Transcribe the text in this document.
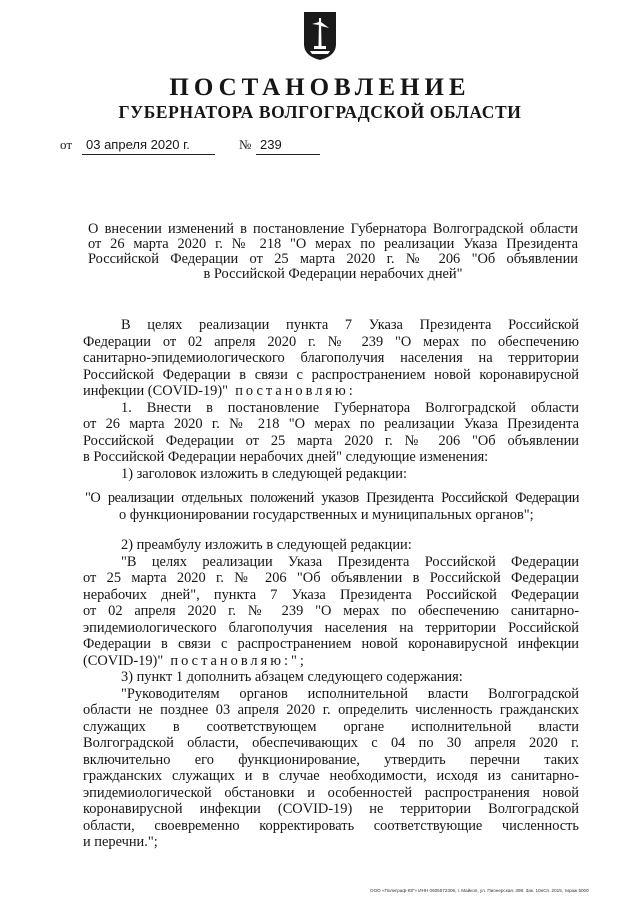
ПОСТАНОВЛЕНИЕ
ГУБЕРНАТОРА ВОЛГОГРАДСКОЙ ОБЛАСТИ
от	03 апреля 2020 г.	№ 239
О внесении изменений в постановление Губернатора Волгоградской области
от 26 марта 2020 г. № 218 "О мерах по реализации Указа Президента
Российской Федерации от 25 марта 2020 г. № 206 "Об объявлении
в Российской Федерации нерабочих дней"
В целях реализации пункта 7 Указа Президента Российской
Федерации от 02 апреля 2020 г. № 239 "О мерах по обеспечению
санитарно-эпидемиологического благополучия населения на территории
Российской Федерации в связи с распространением новой коронавирусной
инфекции (COVID-19)" постановляю:
1. Внести в постановление Губернатора Волгоградской области
от 26 марта 2020 г. № 218 "О мерах по реализации Указа Президента
Российской Федерации от 25 марта 2020 г. № 206 "Об объявлении
в Российской Федерации нерабочих дней" следующие изменения:
1) заголовок изложить в следующей редакции:
"О реализации отдельных положений указов Президента Российской Федерации
о функционировании государственных и муниципальных органов";
2) преамбулу изложить в следующей редакции:
"В целях реализации Указа Президента Российской Федерации
от 25 марта 2020 г. № 206 "Об объявлении в Российской Федерации
нерабочих дней", пункта 7 Указа Президента Российской Федерации
от 02 апреля 2020 г. № 239 "О мерах по обеспечению санитарно-
эпидемиологического благополучия населения на территории Российской
Федерации в связи с распространением новой коронавирусной инфекции
(COVID-19)" постановляю:";
3) пункт 1 дополнить абзацем следующего содержания:
"Руководителям органов исполнительной власти Волгоградской
области не позднее 03 апреля 2020 г. определить численность гражданских
служащих в соответствующем органе исполнительной власти
Волгоградской области, обеспечивающих с 04 по 30 апреля 2020 г.
включительно его функционирование, утвердить перечни таких
гражданских служащих и в случае необходимости, исходя из санитарно-
эпидемиологической обстановки и особенностей распространения новой
коронавирусной инфекции (COVID-19) не территории Волгоградской
области, своевременно корректировать соответствующие численность
и перечни.";
ООО «Полиграф-ЮГ» ИНН 0605572306, г. Майкоп, ул. Пионерская, 398. Зак. 10нСп. 2015, тираж 5000
